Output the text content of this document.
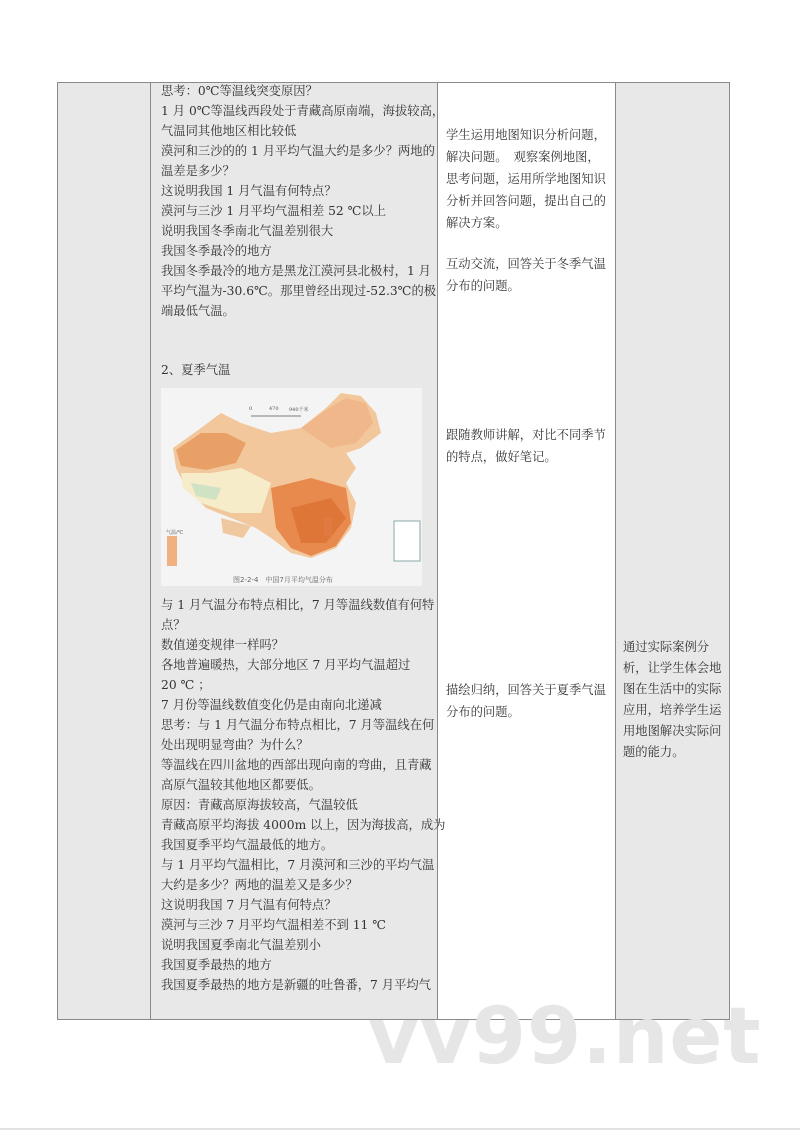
思考：0℃等温线突变原因？
1 月 0℃等温线西段处于青藏高原南端，海拔较高，
气温同其他地区相比较低
漠河和三沙的的 1 月平均气温大约是多少？两地的
温差是多少？
这说明我国 1 月气温有何特点？
漠河与三沙 1 月平均气温相差 52 ℃以上
说明我国冬季南北气温差别很大
我国冬季最冷的地方
我国冬季最冷的地方是黑龙江漠河县北极村，1 月
平均气温为-30.6℃。那里曾经出现过-52.3℃的极
端最低气温。
2、夏季气温
0	470 940千米
气温/℃
图2-2-4　中国7月平均气温分布
与 1 月气温分布特点相比，7 月等温线数值有何特
点？
数值递变规律一样吗？
各地普遍暖热，大部分地区 7 月平均气温超过
20 ℃ ；
7 月份等温线数值变化仍是由南向北递减
思考：与 1 月气温分布特点相比，7 月等温线在何
处出现明显弯曲？为什么？
等温线在四川盆地的西部出现向南的弯曲，且青藏
高原气温较其他地区都要低。
原因：青藏高原海拔较高，气温较低
青藏高原平均海拔 4000m 以上，因为海拔高，成为
我国夏季平均气温最低的地方。
与 1 月平均气温相比，7 月漠河和三沙的平均气温
大约是多少？两地的温差又是多少？
这说明我国 7 月气温有何特点？
漠河与三沙 7 月平均气温相差不到 11 ℃
说明我国夏季南北气温差别小
我国夏季最热的地方
我国夏季最热的地方是新疆的吐鲁番，7 月平均气
学生运用地图知识分析问题，
解决问题。　观察案例地图，
思考问题，运用所学地图知识
分析并回答问题，提出自己的
解决方案。
互动交流，回答关于冬季气温
分布的问题。
跟随教师讲解，对比不同季节
的特点，做好笔记。
描绘归纳，回答关于夏季气温
分布的问题。
通过实际案例分
析，让学生体会地
图在生活中的实际
应用，培养学生运
用地图解决实际问
题的能力。
vv99.net
